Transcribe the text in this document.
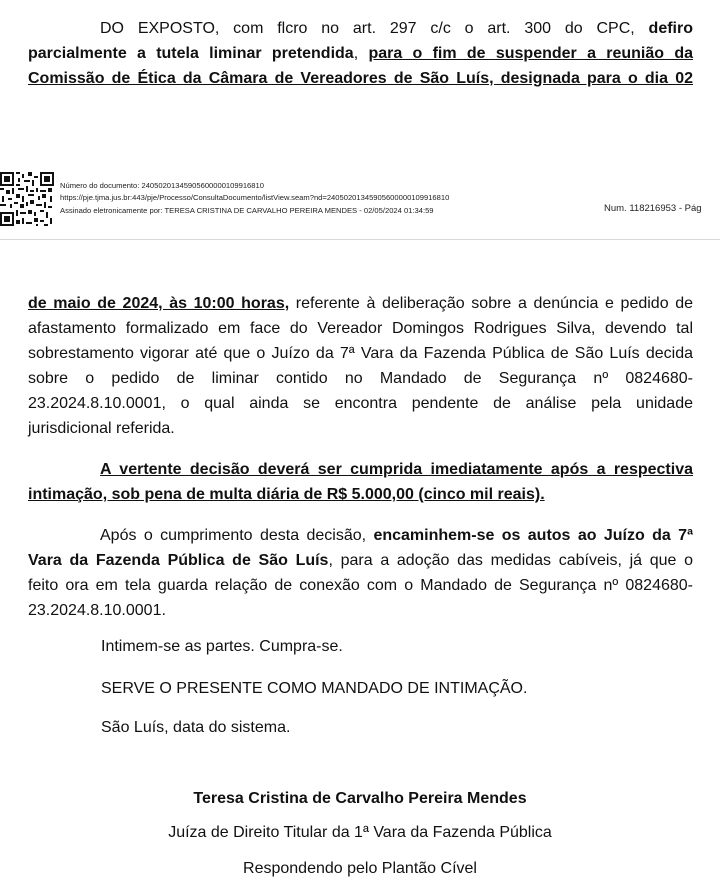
DO EXPOSTO, com flcro no art. 297 c/c o art. 300 do CPC, defiro
parcialmente a tutela liminar pretendida, para o fim de suspender a reunião da
Comissão de Ética da Câmara de Vereadores de São Luís, designada para o dia 02
Número do documento: 24050201345905600000109916810
https://pje.tjma.jus.br:443/pje/Processo/ConsultaDocumento/listView.seam?nd=24050201345905600000109916810
Assinado eletronicamente por: TERESA CRISTINA DE CARVALHO PEREIRA MENDES - 02/05/2024 01:34:59	Num. 118216953 - Pág
de maio de 2024, às 10:00 horas, referente à deliberação sobre a denúncia e pedido de
afastamento formalizado em face do Vereador Domingos Rodrigues Silva, devendo tal
sobrestamento vigorar até que o Juízo da 7ª Vara da Fazenda Pública de São Luís decida
sobre o pedido de liminar contido no Mandado de Segurança nº 0824680-
23.2024.8.10.0001, o qual ainda se encontra pendente de análise pela unidade
jurisdicional referida.
A vertente decisão deverá ser cumprida imediatamente após a respectiva
intimação, sob pena de multa diária de R$ 5.000,00 (cinco mil reais).
Após o cumprimento desta decisão, encaminhem-se os autos ao Juízo da 7ª
Vara da Fazenda Pública de São Luís, para a adoção das medidas cabíveis, já que o
feito ora em tela guarda relação de conexão com o Mandado de Segurança nº 0824680-
23.2024.8.10.0001.
Intimem-se as partes. Cumpra-se.
SERVE O PRESENTE COMO MANDADO DE INTIMAÇÃO.
São Luís, data do sistema.
Teresa Cristina de Carvalho Pereira Mendes
Juíza de Direito Titular da 1ª Vara da Fazenda Pública
Respondendo pelo Plantão Cível
